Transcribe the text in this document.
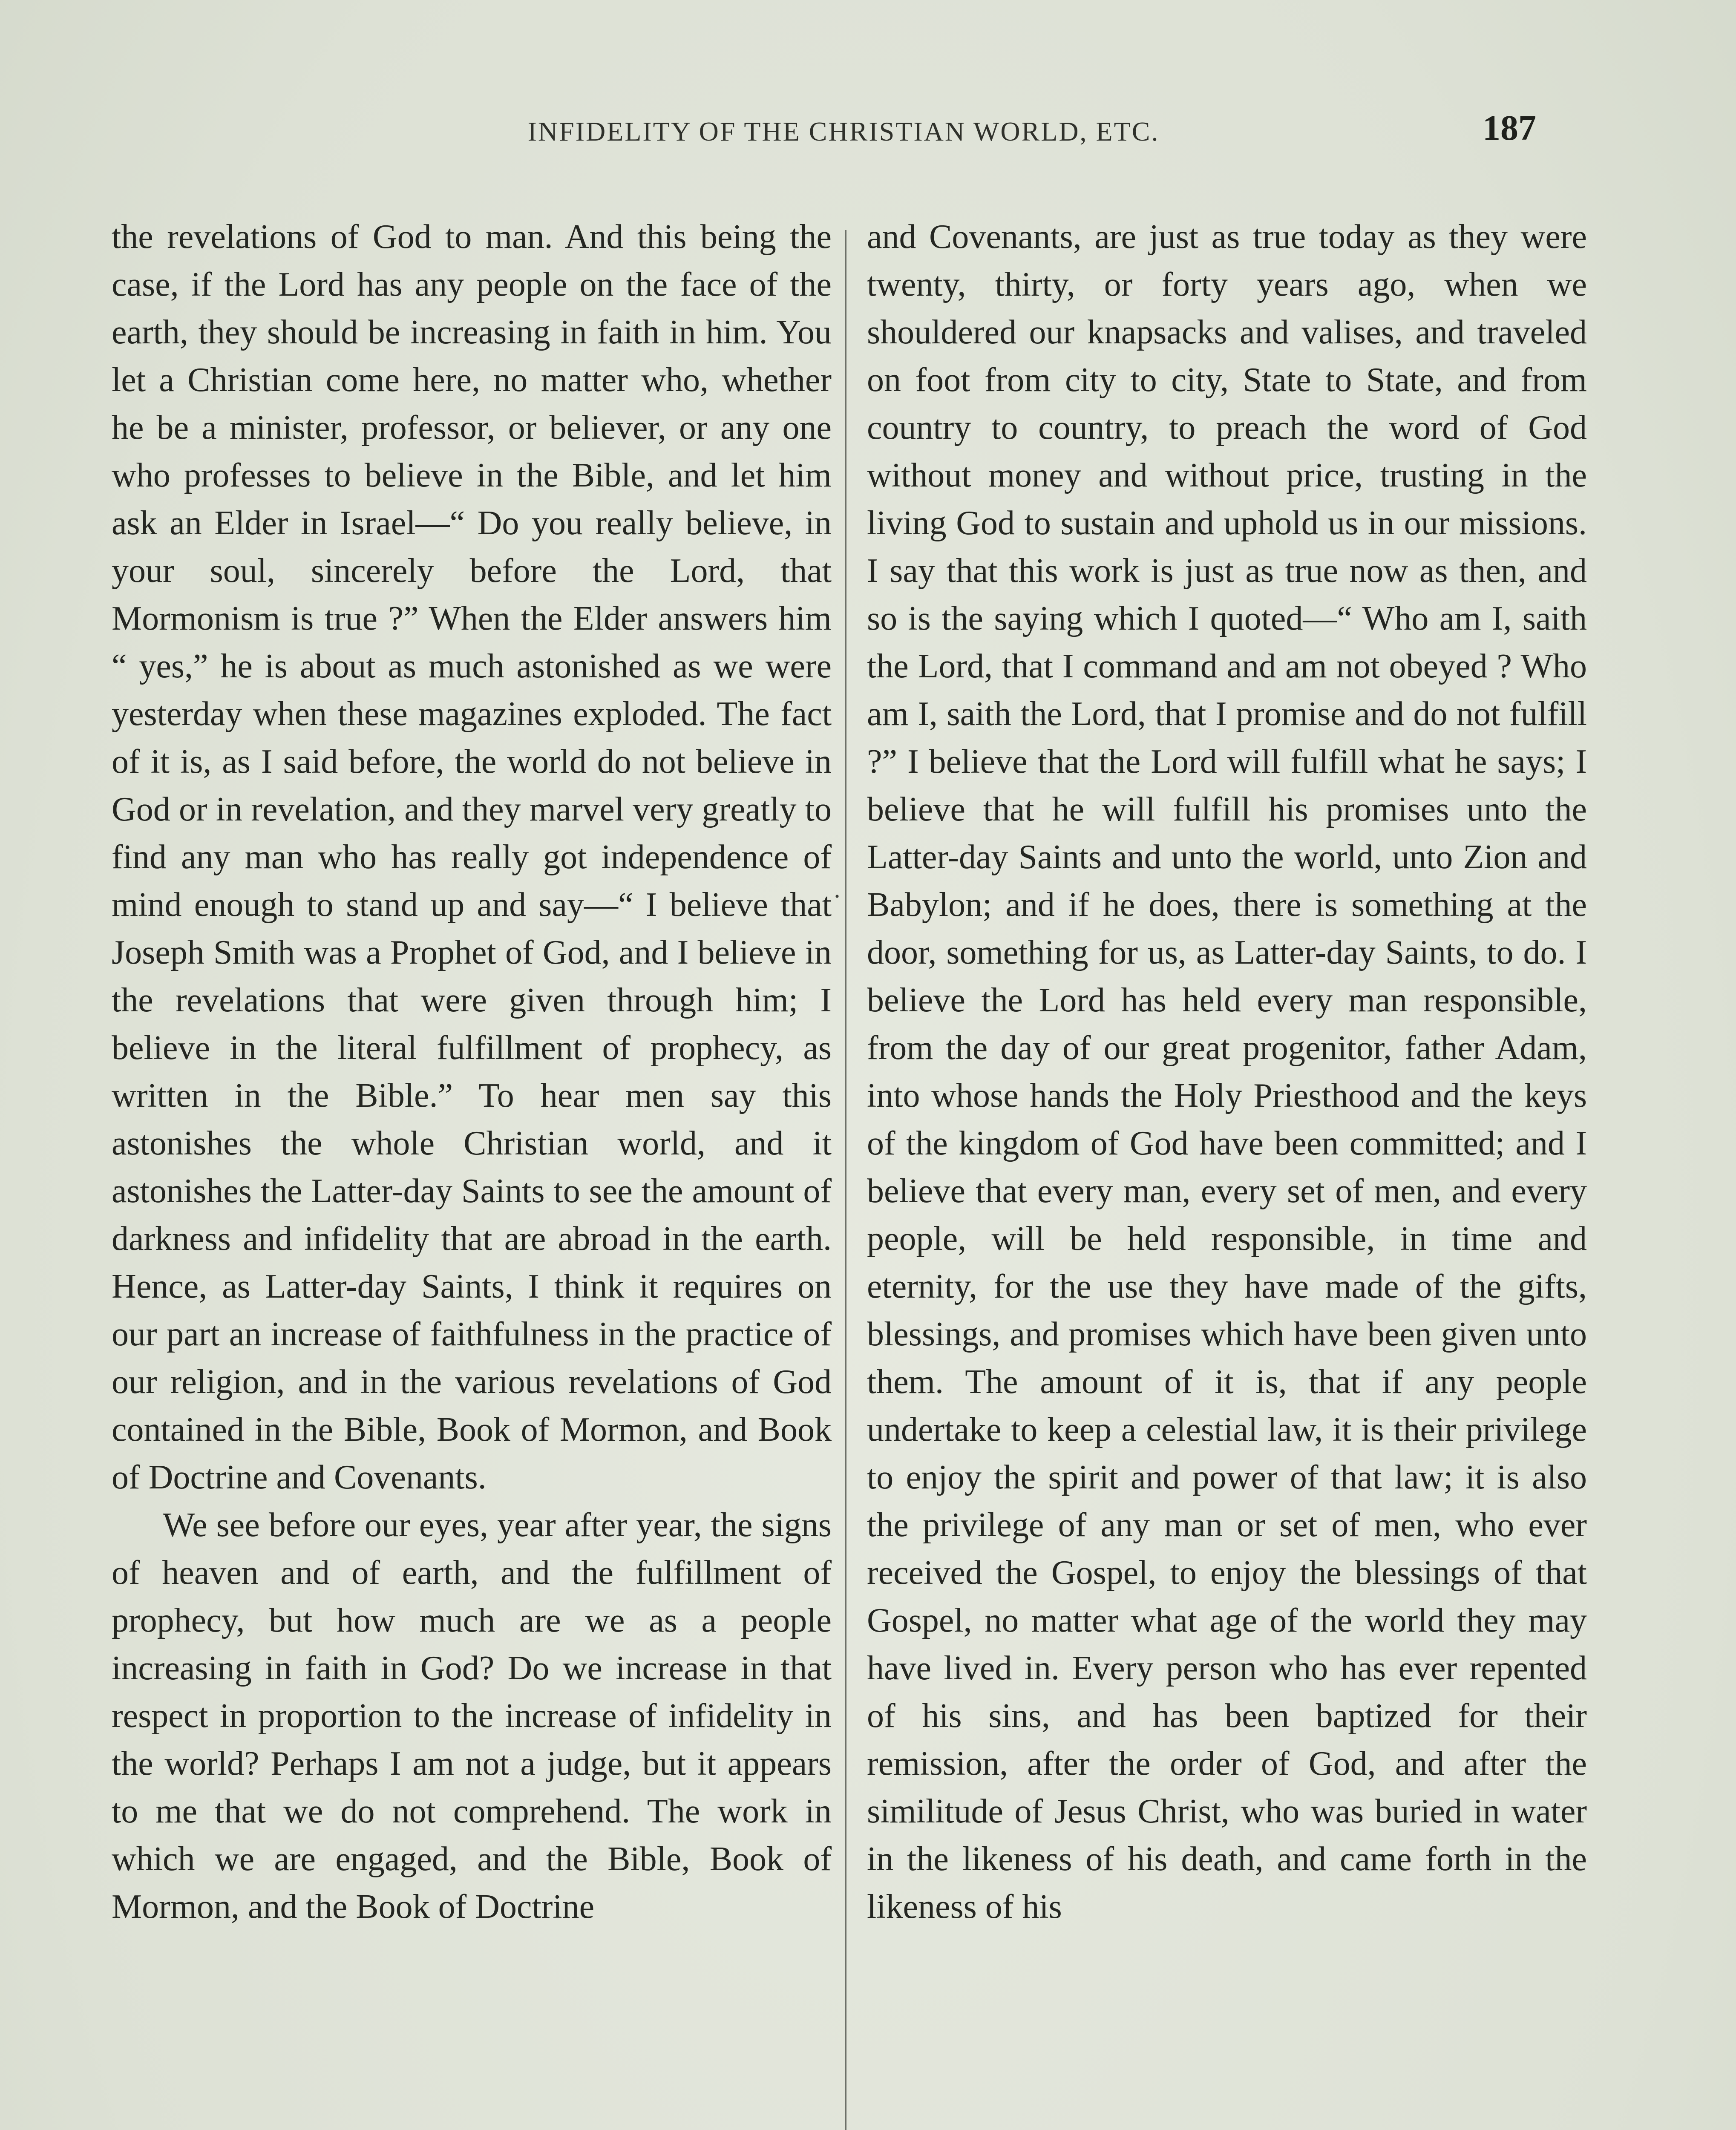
INFIDELITY OF THE CHRISTIAN WORLD, ETC.	187

the revelations of God to man. And this being the case, if the Lord has any people on the face of the earth, they should be increasing in faith in him. You let a Christian come here, no matter who, whether he be a minister, professor, or believer, or any one who professes to believe in the Bible, and let him ask an Elder in Israel—“ Do you really believe, in your soul, sincerely before the Lord, that Mormonism is true ?” When the Elder answers him “ yes,” he is about as much astonished as we were yesterday when these magazines exploded. The fact of it is, as I said before, the world do not believe in God or in revelation, and they marvel very greatly to find any man who has really got independence of mind enough to stand up and say—“ I believe that Joseph Smith was a Prophet of God, and I believe in the revelations that were given through him; I believe in the literal fulfillment of prophecy, as written in the Bible.” To hear men say this astonishes the whole Christian world, and it astonishes the Latter-day Saints to see the amount of darkness and infidelity that are abroad in the earth. Hence, as Latter-day Saints, I think it requires on our part an increase of faithfulness in the practice of our religion, and in the various revelations of God contained in the Bible, Book of Mormon, and Book of Doctrine and Covenants.

We see before our eyes, year after year, the signs of heaven and of earth, and the fulfillment of prophecy, but how much are we as a people increasing in faith in God? Do we increase in that respect in proportion to the increase of infidelity in the world? Perhaps I am not a judge, but it appears to me that we do not comprehend. The work in which we are engaged, and the Bible, Book of Mormon, and the Book of Doctrine

·

and Covenants, are just as true today as they were twenty, thirty, or forty years ago, when we shouldered our knapsacks and valises, and traveled on foot from city to city, State to State, and from country to country, to preach the word of God without money and without price, trusting in the living God to sustain and uphold us in our missions. I say that this work is just as true now as then, and so is the saying which I quoted—“ Who am I, saith the Lord, that I command and am not obeyed ? Who am I, saith the Lord, that I promise and do not fulfill ?” I believe that the Lord will fulfill what he says; I believe that he will fulfill his promises unto the Latter-day Saints and unto the world, unto Zion and Babylon; and if he does, there is something at the door, something for us, as Latter-day Saints, to do. I believe the Lord has held every man responsible, from the day of our great progenitor, father Adam, into whose hands the Holy Priesthood and the keys of the kingdom of God have been committed; and I believe that every man, every set of men, and every people, will be held responsible, in time and eternity, for the use they have made of the gifts, blessings, and promises which have been given unto them. The amount of it is, that if any people undertake to keep a celestial law, it is their privilege to enjoy the spirit and power of that law; it is also the privilege of any man or set of men, who ever received the Gospel, to enjoy the blessings of that Gospel, no matter what age of the world they may have lived in. Every person who has ever repented of his sins, and has been baptized for their remission, after the order of God, and after the similitude of Jesus Christ, who was buried in water in the likeness of his death, and came forth in the likeness of his
